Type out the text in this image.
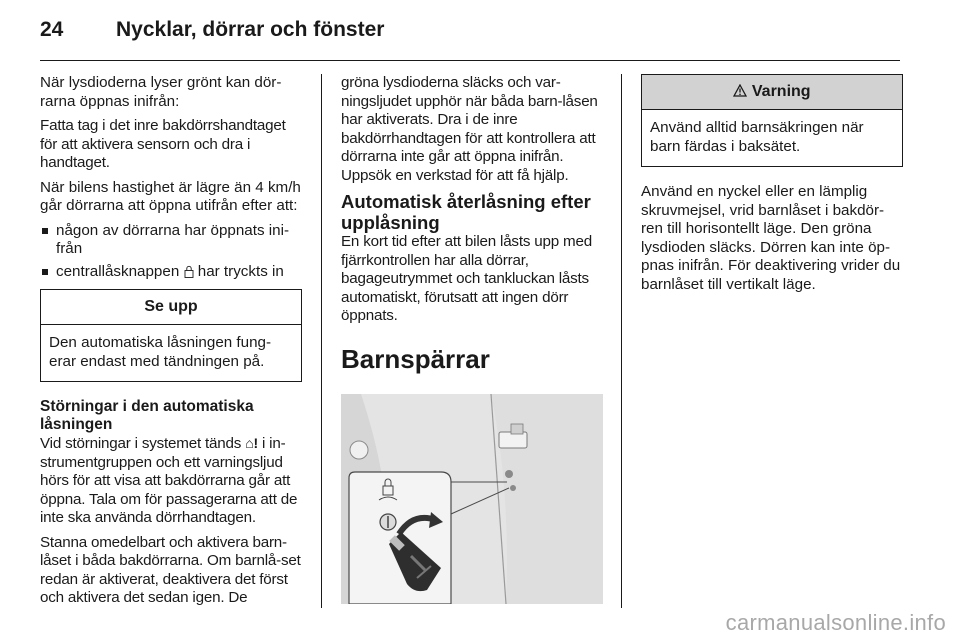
24	Nycklar, dörrar och fönster

När lysdioderna lyser grönt kan dör-rarna öppnas inifrån:

Fatta tag i det inre bakdörrshandtaget för att aktivera sensorn och dra i handtaget.

När bilens hastighet är lägre än 4 km/h går dörrarna att öppna utifrån efter att:

någon av dörrarna har öppnats ini-från
centrallåsknappen har tryckts in
Se upp
Den automatiska låsningen fung-erar endast med tändningen på.
Störningar i den automatiska låsningen

Vid störningar i systemet tänds ⌂! i in-strumentgruppen och ett varningsljud hörs för att visa att bakdörrarna går att öppna. Tala om för passagerarna att de inte ska använda dörrhandtagen.

Stanna omedelbart och aktivera barn-låset i båda bakdörrarna. Om barnlå-set redan är aktiverat, deaktivera det först och aktivera det sedan igen. De

gröna lysdioderna släcks och var-ningsljudet upphör när båda barn-låsen har aktiverats. Dra i de inre bakdörrhandtagen för att kontrollera att dörrarna inte går att öppna inifrån. Uppsök en verkstad för att få hjälp.

Automatisk återlåsning efter upplåsning

En kort tid efter att bilen låsts upp med fjärrkontrollen har alla dörrar, bagageutrymmet och tankluckan låsts automatiskt, förutsatt att ingen dörr öppnats.

Barnspärrar
Varning
Använd alltid barnsäkringen när barn färdas i baksätet.

Använd en nyckel eller en lämplig skruvmejsel, vrid barnlåset i bakdör-ren till horisontellt läge. Den gröna lysdioden släcks. Dörren kan inte öp-pnas inifrån. För deaktivering vrider du barnlåset till vertikalt läge.

carmanualsonline.info
